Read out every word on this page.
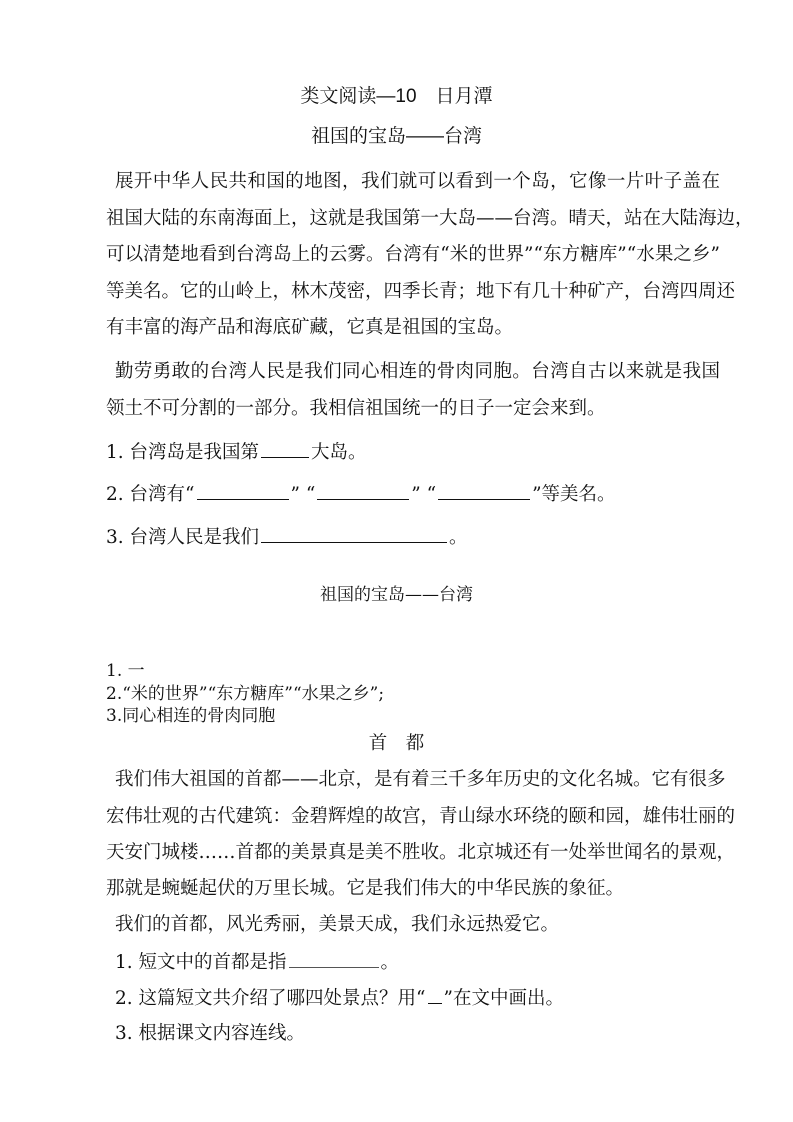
类文阅读—10　日月潭
祖国的宝岛——台湾
展开中华人民共和国的地图，我们就可以看到一个岛，它像一片叶子盖在
祖国大陆的东南海面上，这就是我国第一大岛——台湾。晴天，站在大陆海边，
可以清楚地看到台湾岛上的云雾。台湾有“米的世界”“东方糖库”“水果之乡”
等美名。它的山岭上，林木茂密，四季长青；地下有几十种矿产，台湾四周还
有丰富的海产品和海底矿藏，它真是祖国的宝岛。
勤劳勇敢的台湾人民是我们同心相连的骨肉同胞。台湾自古以来就是我国
领土不可分割的一部分。我相信祖国统一的日子一定会来到。
1. 台湾岛是我国第	大岛。
2. 台湾有“	” “	” “	”等美名。
3. 台湾人民是我们	。
祖国的宝岛——台湾
1. 一
2.“米的世界”“东方糖库”“水果之乡”;
3.同心相连的骨肉同胞
首　都
我们伟大祖国的首都——北京，是有着三千多年历史的文化名城。它有很多
宏伟壮观的古代建筑：金碧辉煌的故宫，青山绿水环绕的颐和园，雄伟壮丽的
天安门城楼……首都的美景真是美不胜收。北京城还有一处举世闻名的景观，
那就是蜿蜒起伏的万里长城。它是我们伟大的中华民族的象征。
我们的首都，风光秀丽，美景天成，我们永远热爱它。
1. 短文中的首都是指	。
2. 这篇短文共介绍了哪四处景点？用“ ”在文中画出。
3. 根据课文内容连线。
